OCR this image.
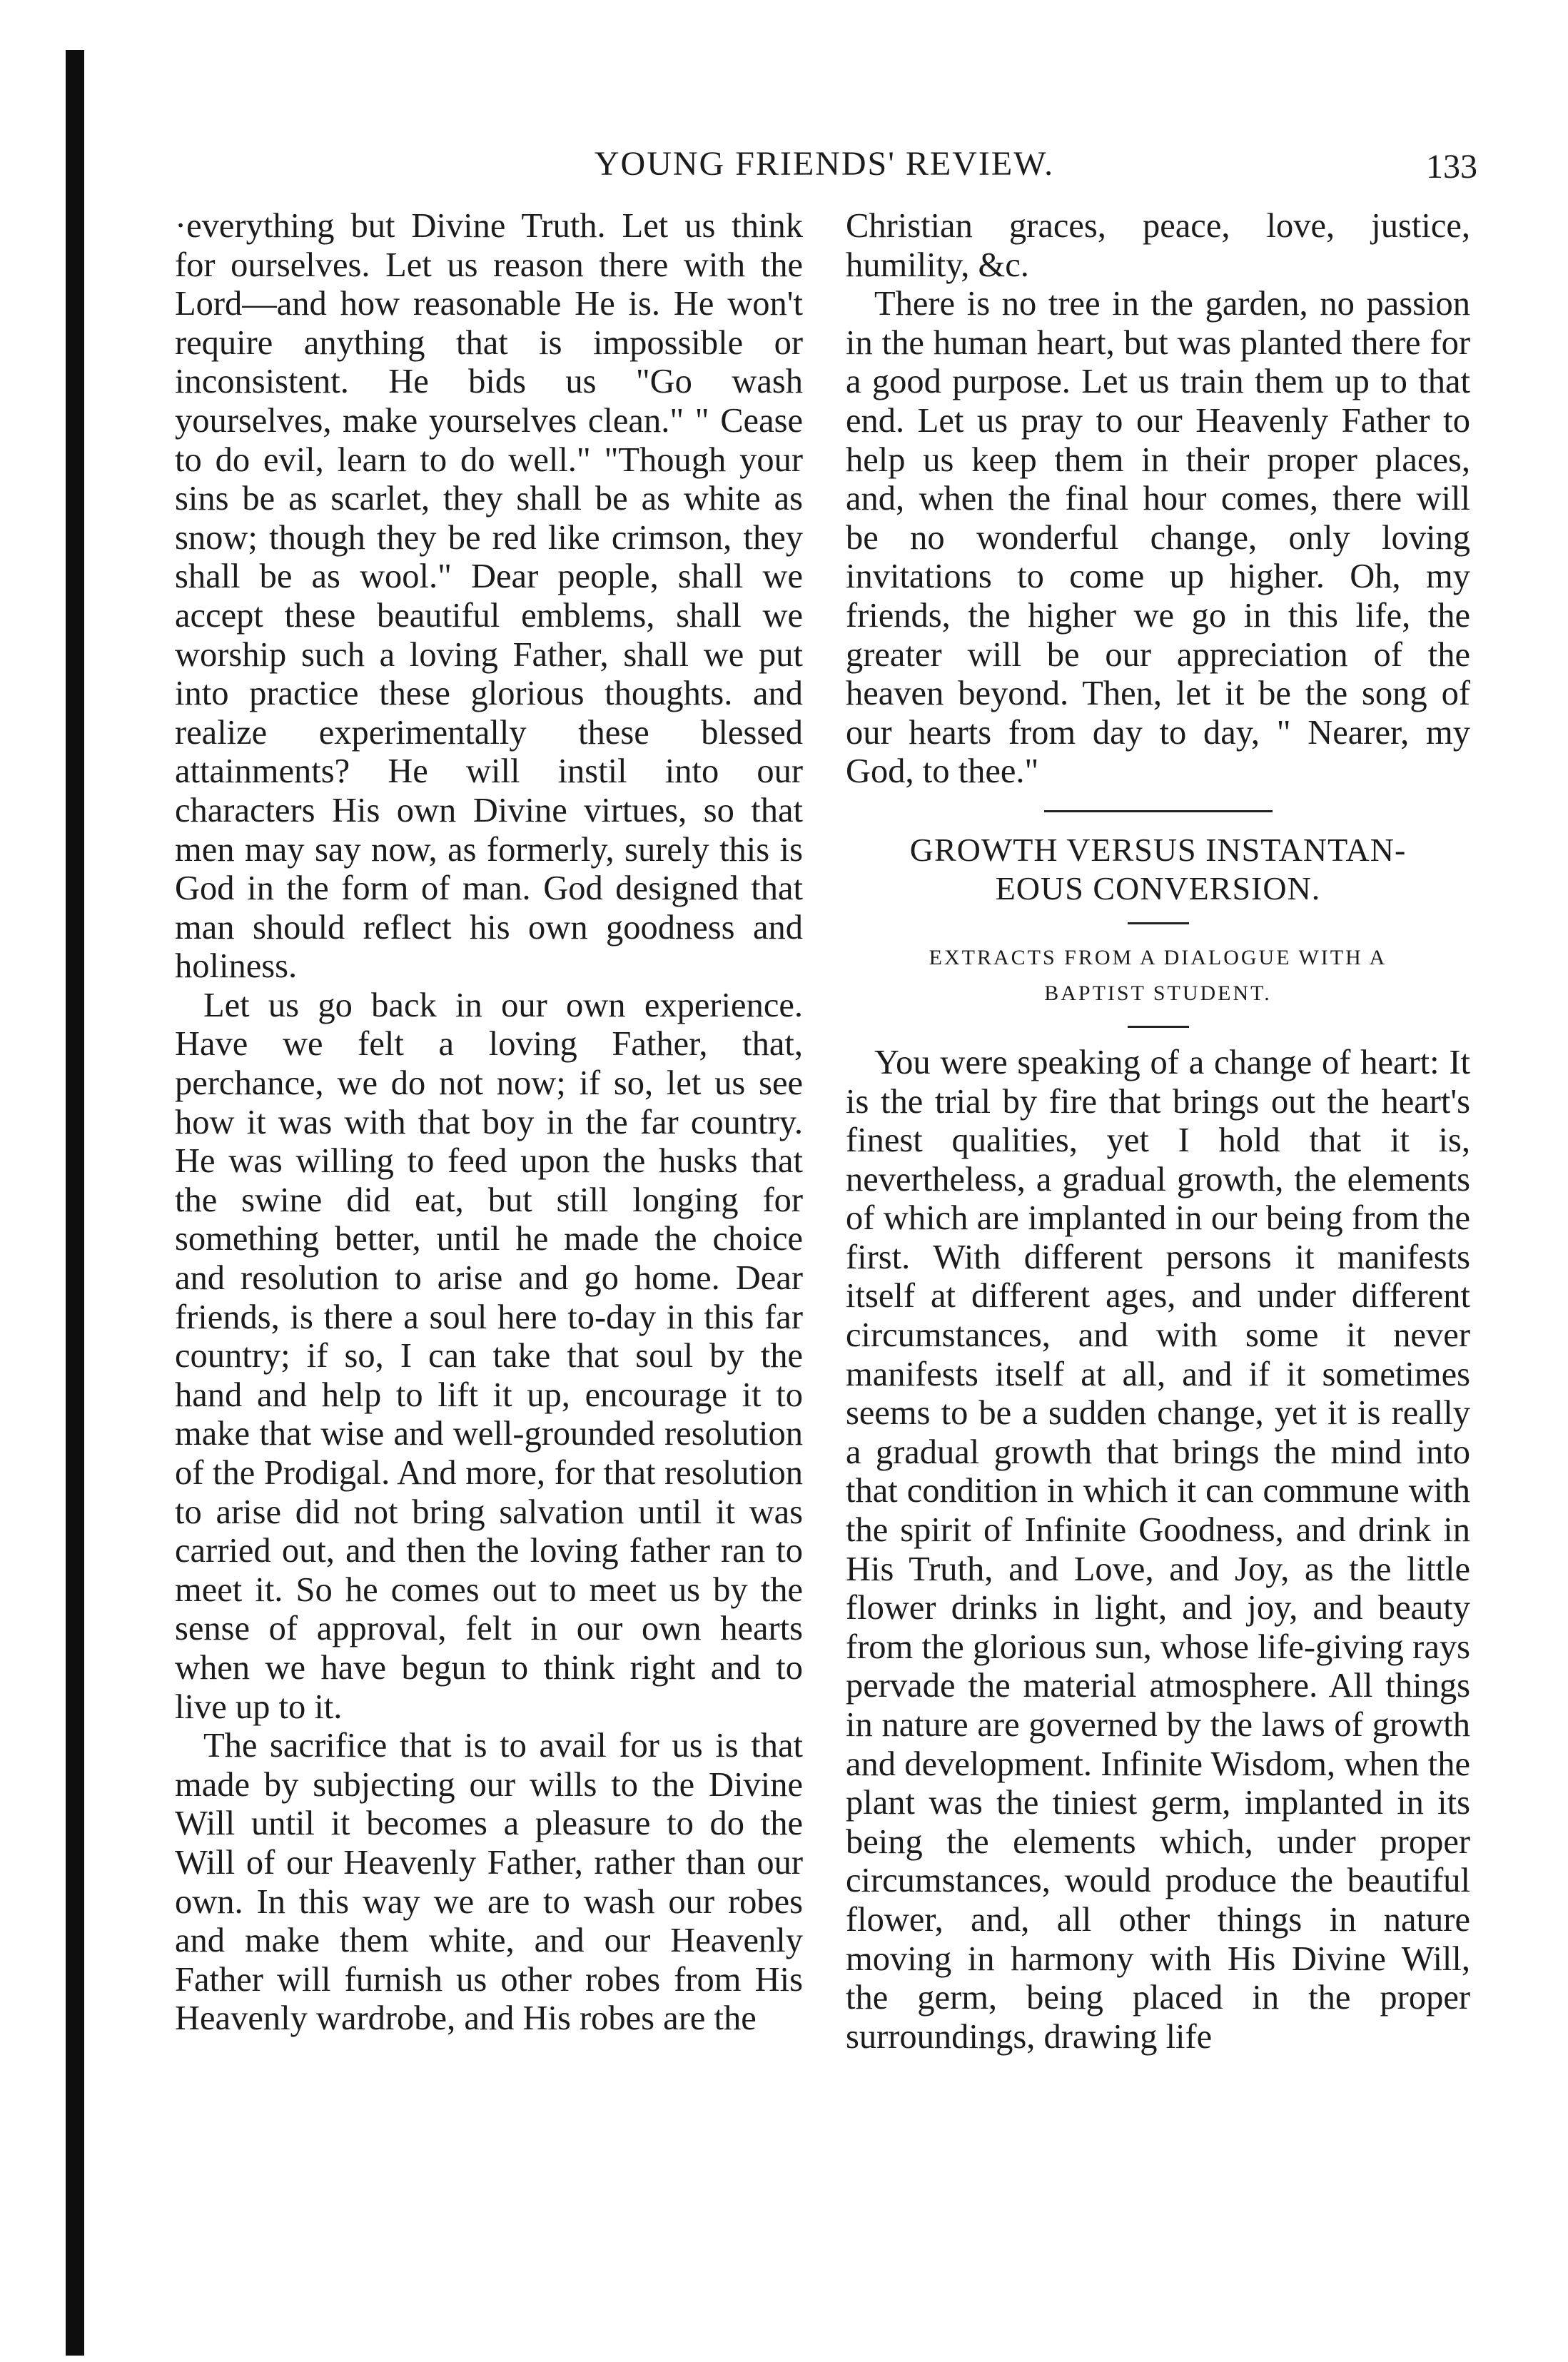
YOUNG FRIENDS' REVIEW.	133

·everything but Divine Truth. Let us think for ourselves. Let us reason there with the Lord—and how reasonable He is. He won't require anything that is impossible or inconsistent. He bids us "Go wash yourselves, make yourselves clean." " Cease to do evil, learn to do well." "Though your sins be as scarlet, they shall be as white as snow; though they be red like crimson, they shall be as wool." Dear people, shall we accept these beautiful emblems, shall we worship such a loving Father, shall we put into practice these glorious thoughts. and realize experimentally these blessed attainments? He will instil into our characters His own Divine virtues, so that men may say now, as formerly, surely this is God in the form of man. God designed that man should reflect his own goodness and holiness.

Let us go back in our own experience. Have we felt a loving Father, that, perchance, we do not now; if so, let us see how it was with that boy in the far country. He was willing to feed upon the husks that the swine did eat, but still longing for something better, until he made the choice and resolution to arise and go home. Dear friends, is there a soul here to-day in this far country; if so, I can take that soul by the hand and help to lift it up, encourage it to make that wise and well-grounded resolution of the Prodigal. And more, for that resolution to arise did not bring salvation until it was carried out, and then the loving father ran to meet it. So he comes out to meet us by the sense of approval, felt in our own hearts when we have begun to think right and to live up to it.

The sacrifice that is to avail for us is that made by subjecting our wills to the Divine Will until it becomes a pleasure to do the Will of our Heavenly Father, rather than our own. In this way we are to wash our robes and make them white, and our Heavenly Father will furnish us other robes from His Heavenly wardrobe, and His robes are the

Christian graces, peace, love, justice, humility, &c.

There is no tree in the garden, no passion in the human heart, but was planted there for a good purpose. Let us train them up to that end. Let us pray to our Heavenly Father to help us keep them in their proper places, and, when the final hour comes, there will be no wonderful change, only loving invitations to come up higher. Oh, my friends, the higher we go in this life, the greater will be our appreciation of the heaven beyond. Then, let it be the song of our hearts from day to day, " Nearer, my God, to thee."

GROWTH VERSUS INSTANTAN-
EOUS CONVERSION.
EXTRACTS FROM A DIALOGUE WITH A
BAPTIST STUDENT.

You were speaking of a change of heart: It is the trial by fire that brings out the heart's finest qualities, yet I hold that it is, nevertheless, a gradual growth, the elements of which are implanted in our being from the first. With different persons it manifests itself at different ages, and under different circumstances, and with some it never manifests itself at all, and if it sometimes seems to be a sudden change, yet it is really a gradual growth that brings the mind into that condition in which it can commune with the spirit of Infinite Goodness, and drink in His Truth, and Love, and Joy, as the little flower drinks in light, and joy, and beauty from the glorious sun, whose life-giving rays pervade the material atmosphere. All things in nature are governed by the laws of growth and development. Infinite Wisdom, when the plant was the tiniest germ, implanted in its being the elements which, under proper circumstances, would produce the beautiful flower, and, all other things in nature moving in harmony with His Divine Will, the germ, being placed in the proper surroundings, drawing life
